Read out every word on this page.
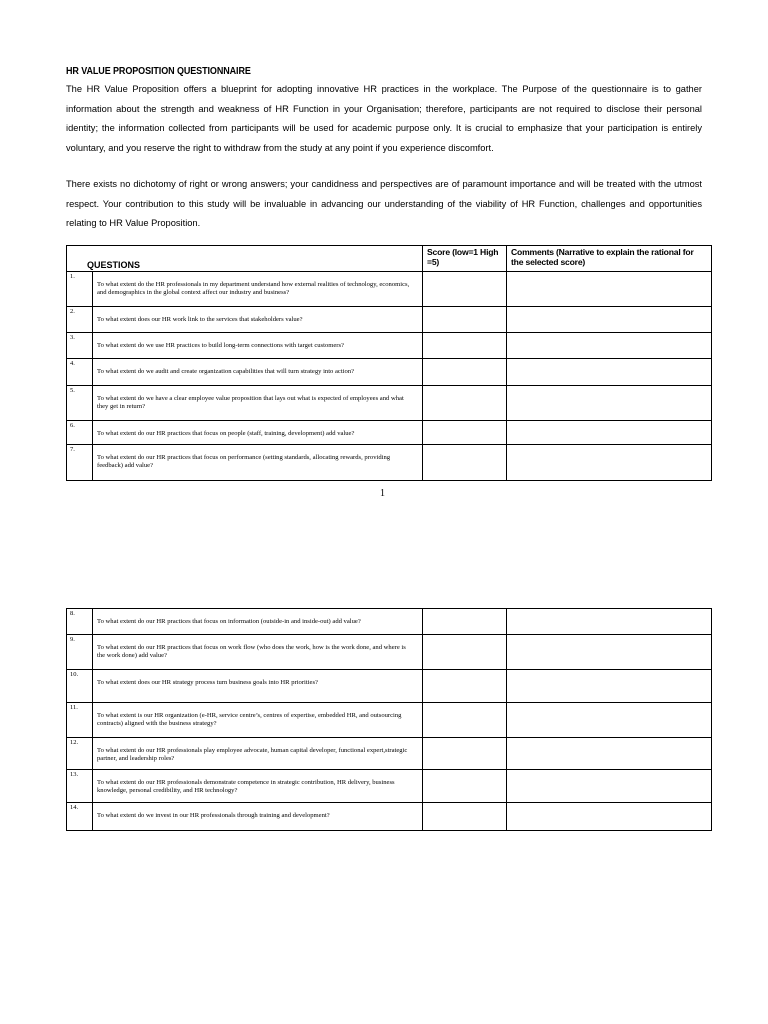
HR VALUE PROPOSITION QUESTIONNAIRE

The HR Value Proposition offers a blueprint for adopting innovative HR practices in the workplace. The Purpose of the questionnaire is to gather information about the strength and weakness of HR Function in your Organisation; therefore, participants are not required to disclose their personal identity; the information collected from participants will be used for academic purpose only. It is crucial to emphasize that your participation is entirely voluntary, and you reserve the right to withdraw from the study at any point if you experience discomfort.

There exists no dichotomy of right or wrong answers; your candidness and perspectives are of paramount importance and will be treated with the utmost respect. Your contribution to this study will be invaluable in advancing our understanding of the viability of HR Function, challenges and opportunities relating to HR Value Proposition.

QUESTIONS		Score (low=1 High =5)	Comments (Narrative to explain the rational for the selected score)
1.	To what extent do the HR professionals in my department understand how external realities of technology, economics, and demographics in the global context affect our industry and business?		
2.	To what extent does our HR work link to the services that stakeholders value?		
3.	To what extent do we use HR practices to build long-term connections with target customers?		
4.	To what extent do we audit and create organization capabilities that will turn strategy into action?		
5.	To what extent do we have a clear employee value proposition that lays out what is expected of employees and what they get in return?		
6.	To what extent do our HR practices that focus on people (staff, training, development) add value?		
7.	To what extent do our HR practices that focus on performance (setting standards, allocating rewards, providing feedback) add value?		
1
8.	To what extent do our HR practices that focus on information (outside-in and inside-out) add value?		
9.	To what extent do our HR practices that focus on work flow (who does the work, how is the work done, and where is the work done) add value?		
10.	To what extent does our HR strategy process turn business goals into HR priorities?		
11.	To what extent is our HR organization (e-HR, service centre’s, centres of expertise, embedded HR, and outsourcing contracts) aligned with the business strategy?		
12.	To what extent do our HR professionals play employee advocate, human capital developer, functional expert,strategic partner, and leadership roles?		
13.	To what extent do our HR professionals demonstrate competence in strategic contribution, HR delivery, business knowledge, personal credibility, and HR technology?		
14.	To what extent do we invest in our HR professionals through training and development?		
